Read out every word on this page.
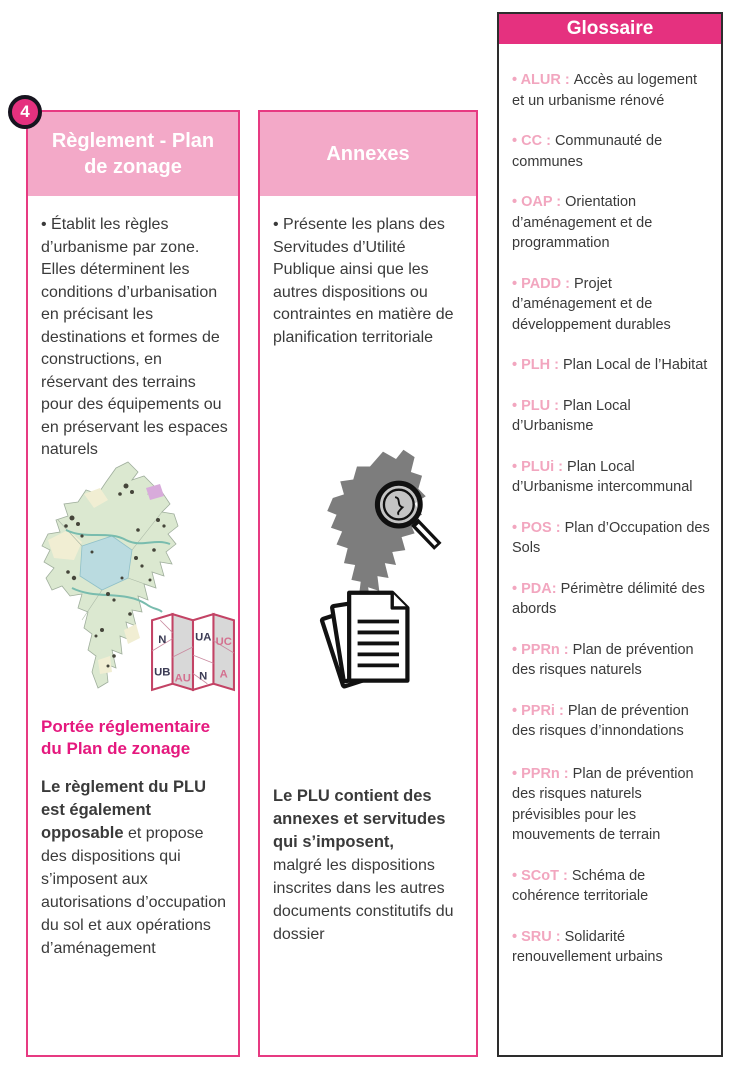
4
Règlement - Plan de zonage
• Établit les règles d’urbanisme par zone. Elles déterminent les conditions d’urbanisation en précisant les destinations et formes de constructions, en réservant des terrains pour des équipements ou en préservant les espaces naturels
N
UB
AU
UA
N
UC
A
Portée réglementaire du Plan de zonage
Le règlement du PLU est également opposable et propose des dispositions qui s’imposent aux autorisations d’occupation du sol et aux opérations d’aménagement
Annexes
• Présente les plans des Servitudes d’Utilité Publique ainsi que les autres dispositions ou contraintes en matière de planification territoriale
Le PLU contient des annexes et servitudes qui s’imposent,
malgré les dispositions inscrites dans les autres documents constitutifs du dossier
Glossaire

• ALUR : Accès au logement et un urbanisme rénové

• CC : Communauté de communes

• OAP : Orientation d’aménagement et de programmation

• PADD : Projet d’aménagement et de développement durables

• PLH : Plan Local de l’Habitat

• PLU : Plan Local d’Urbanisme

• PLUi : Plan Local d’Urbanisme intercommunal

• POS : Plan d’Occupation des Sols

• PDA: Périmètre délimité des abords

• PPRn : Plan de prévention des risques naturels

• PPRi : Plan de prévention des risques d’innondations

• PPRn : Plan de prévention des risques naturels prévisibles pour les mouvements de terrain

• SCoT : Schéma de cohérence territoriale

• SRU : Solidarité renouvellement urbains
